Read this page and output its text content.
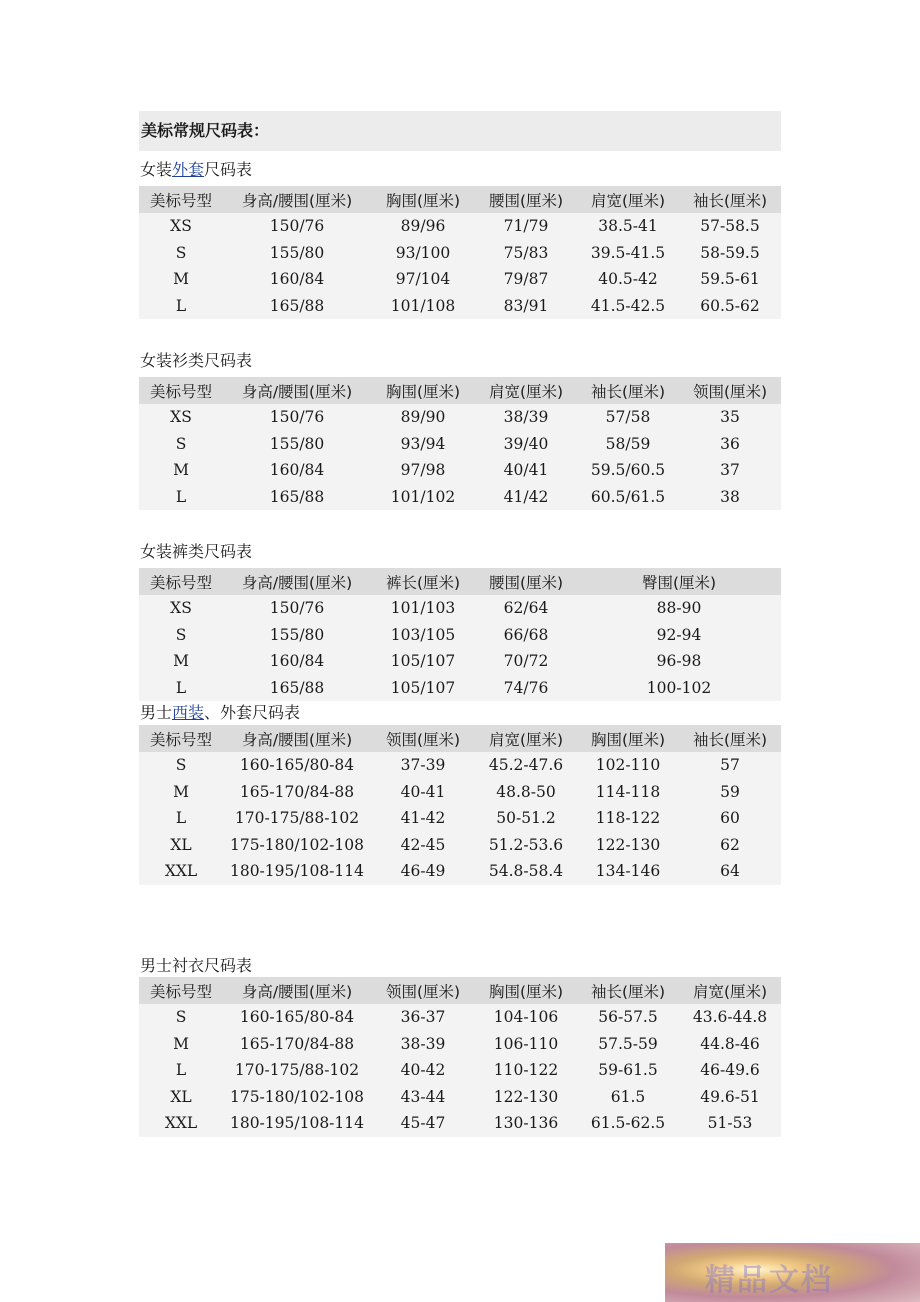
美标常规尺码表：
女装外套尺码表
美标号型	身高/腰围(厘米)	胸围(厘米)	腰围(厘米)	肩宽(厘米)	袖长(厘米)
XS	150/76	89/96	71/79	38.5-41	57-58.5
S	155/80	93/100	75/83	39.5-41.5	58-59.5
M	160/84	97/104	79/87	40.5-42	59.5-61
L	165/88	101/108	83/91	41.5-42.5	60.5-62
女装衫类尺码表
美标号型	身高/腰围(厘米)	胸围(厘米)	肩宽(厘米)	袖长(厘米)	领围(厘米)
XS	150/76	89/90	38/39	57/58	35
S	155/80	93/94	39/40	58/59	36
M	160/84	97/98	40/41	59.5/60.5	37
L	165/88	101/102	41/42	60.5/61.5	38
女装裤类尺码表
美标号型	身高/腰围(厘米)	裤长(厘米)	腰围(厘米)	臀围(厘米)
XS	150/76	101/103	62/64	88-90
S	155/80	103/105	66/68	92-94
M	160/84	105/107	70/72	96-98
L	165/88	105/107	74/76	100-102
男士西装、外套尺码表
美标号型	身高/腰围(厘米)	领围(厘米)	肩宽(厘米)	胸围(厘米)	袖长(厘米)
S	160-165/80-84	37-39	45.2-47.6	102-110	57
M	165-170/84-88	40-41	48.8-50	114-118	59
L	170-175/88-102	41-42	50-51.2	118-122	60
XL	175-180/102-108	42-45	51.2-53.6	122-130	62
XXL	180-195/108-114	46-49	54.8-58.4	134-146	64
男士衬衣尺码表
美标号型	身高/腰围(厘米)	领围(厘米)	胸围(厘米)	袖长(厘米)	肩宽(厘米)
S	160-165/80-84	36-37	104-106	56-57.5	43.6-44.8
M	165-170/84-88	38-39	106-110	57.5-59	44.8-46
L	170-175/88-102	40-42	110-122	59-61.5	46-49.6
XL	175-180/102-108	43-44	122-130	61.5	49.6-51
XXL	180-195/108-114	45-47	130-136	61.5-62.5	51-53
精品文档
